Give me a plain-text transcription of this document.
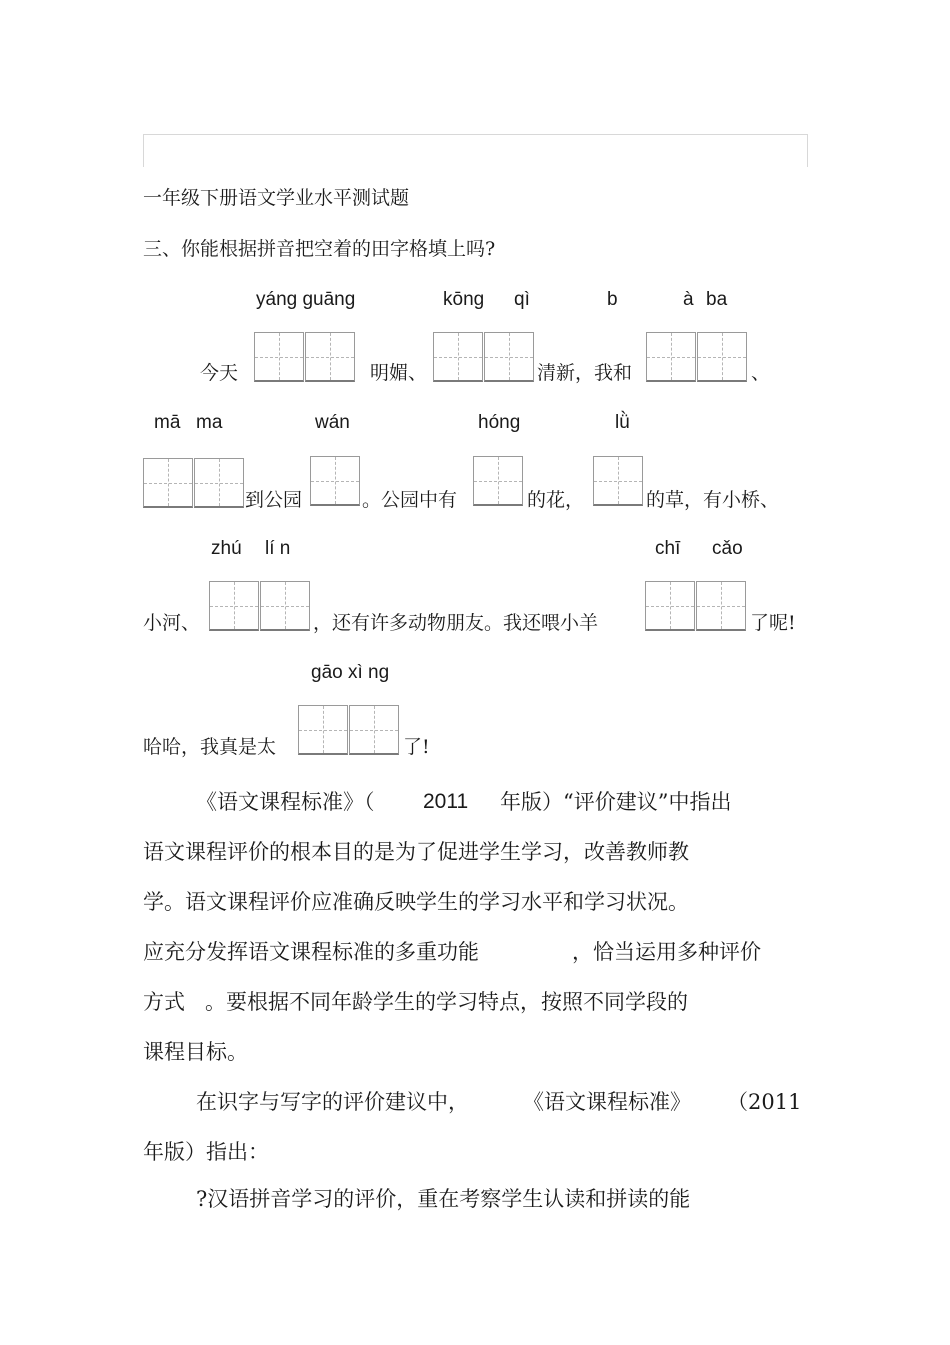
一年级下册语文学业水平测试题
三、你能根据拼音把空着的田字格填上吗?
yáng guāng	kōng qì	b	à ba
今天	明媚、	清新，我和	、
mā ma	wán	hóng	lǜ
到公园	。公园中有	的花，	的草，有小桥、
zhú lí n	chī cǎo
小河、	，还有许多动物朋友。我还喂小羊	了呢!
gāo xì ng
哈哈，我真是太	了!
《语文课程标准》（ 2011 年版）“评价建议”中指出
语文课程评价的根本目的是为了促进学生学习，改善教师教
学。语文课程评价应准确反映学生的学习水平和学习状况。
应充分发挥语文课程标准的多重功能	，恰当运用多种评价
方式 。要根据不同年龄学生的学习特点，按照不同学段的
课程目标。
在识字与写字的评价建议中，	《语文课程标准》 （2011
年版）指出：
?汉语拼音学习的评价，重在考察学生认读和拼读的能
